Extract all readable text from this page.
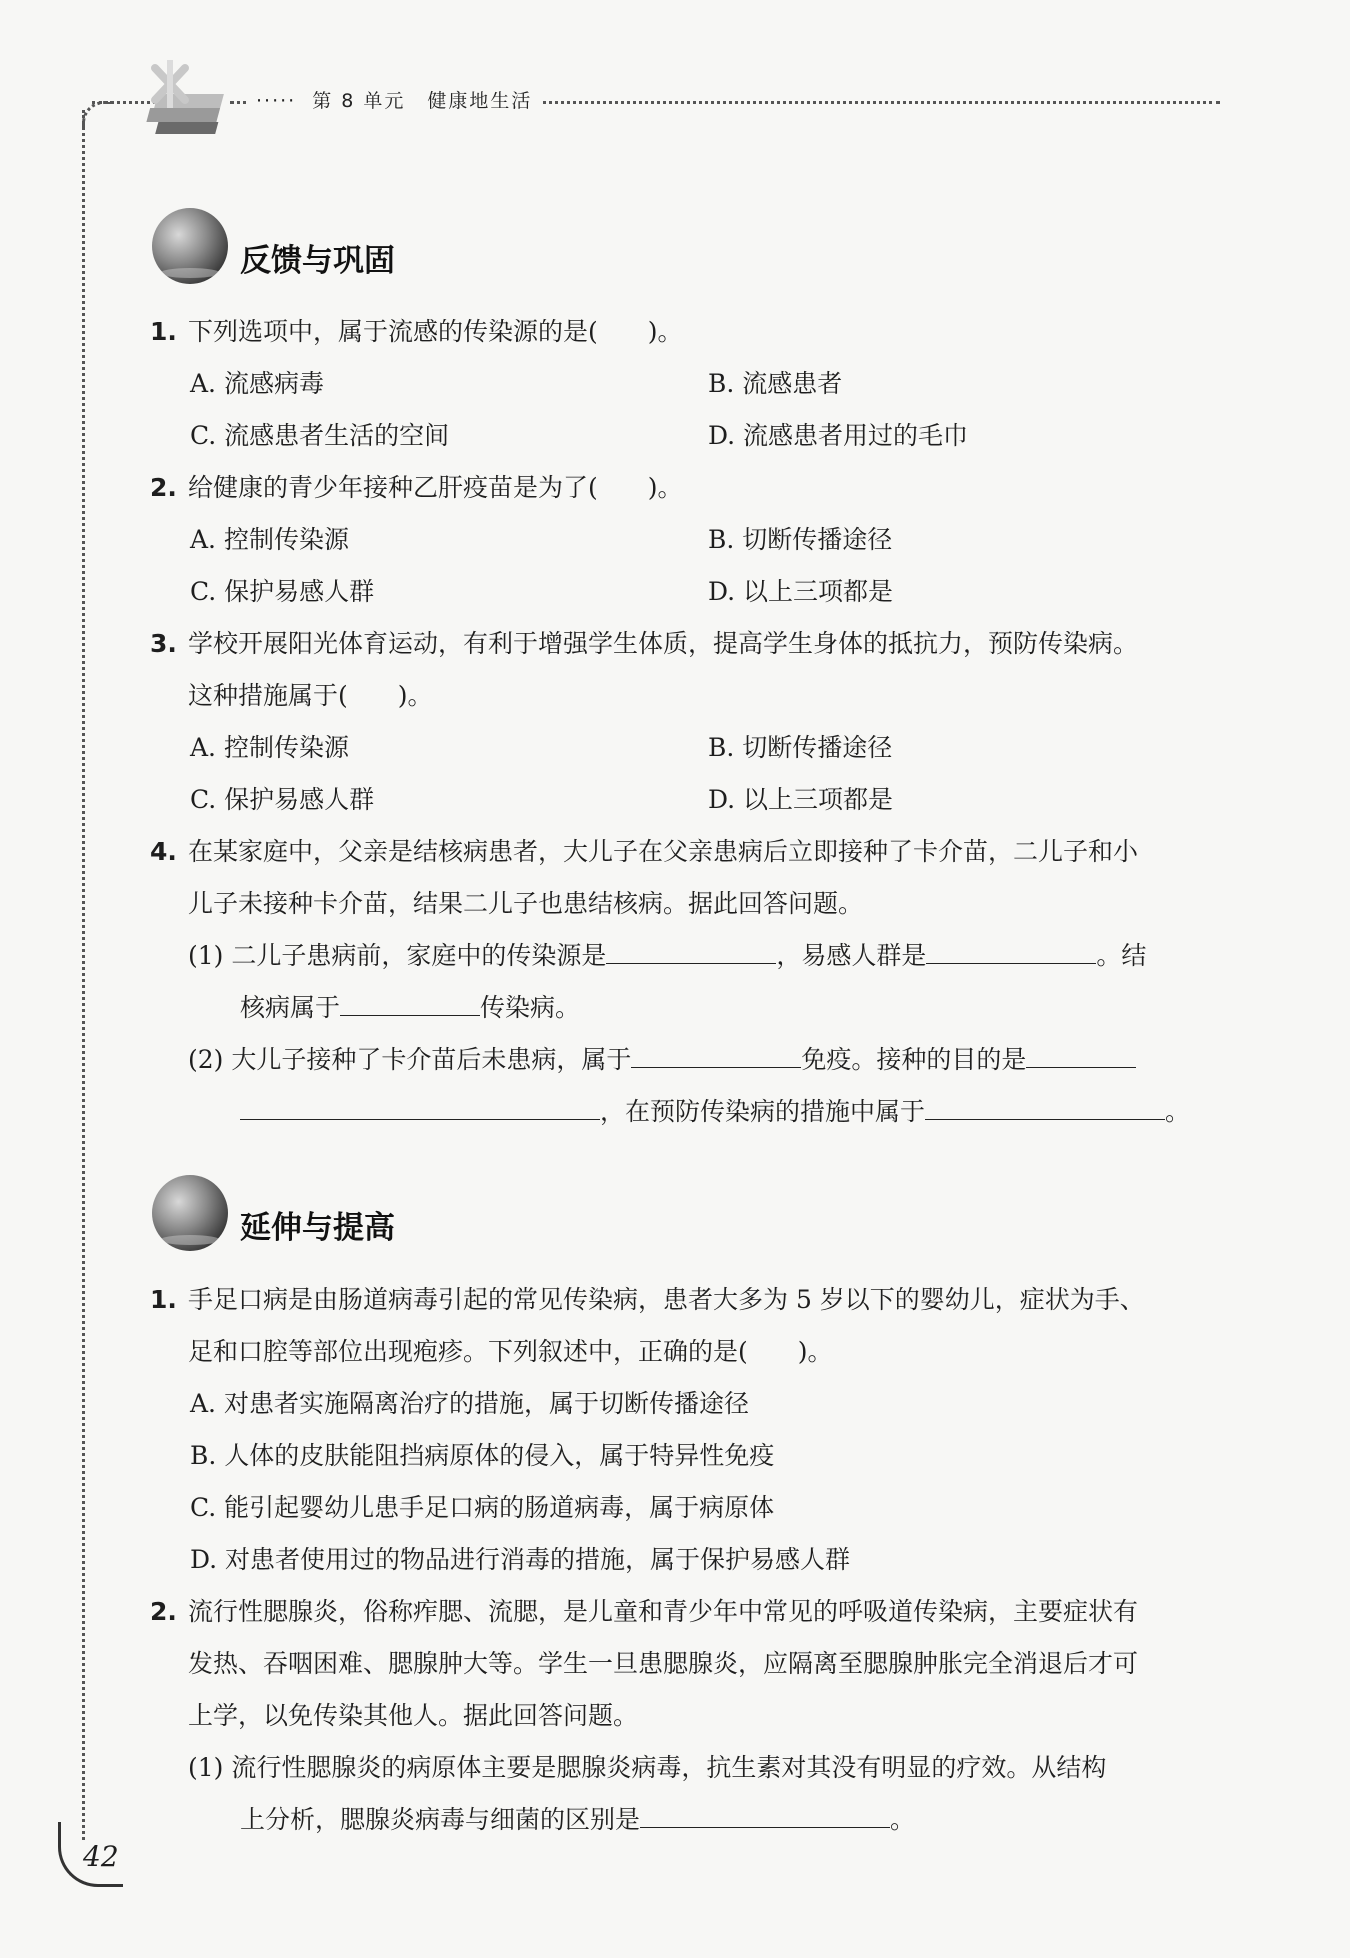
····· 第 8 单元 健康地生活
反馈与巩固
1. 下列选项中，属于流感的传染源的是(　　)。
A. 流感病毒	B. 流感患者
C. 流感患者生活的空间	D. 流感患者用过的毛巾
2. 给健康的青少年接种乙肝疫苗是为了(　　)。
A. 控制传染源	B. 切断传播途径
C. 保护易感人群	D. 以上三项都是
3. 学校开展阳光体育运动，有利于增强学生体质，提高学生身体的抵抗力，预防传染病。
这种措施属于(　　)。
A. 控制传染源	B. 切断传播途径
C. 保护易感人群	D. 以上三项都是
4. 在某家庭中，父亲是结核病患者，大儿子在父亲患病后立即接种了卡介苗，二儿子和小
儿子未接种卡介苗，结果二儿子也患结核病。据此回答问题。
(1) 二儿子患病前，家庭中的传染源是	，易感人群是	。结
核病属于	传染病。
(2) 大儿子接种了卡介苗后未患病，属于	免疫。接种的目的是
，在预防传染病的措施中属于	。
延伸与提高
1. 手足口病是由肠道病毒引起的常见传染病，患者大多为 5 岁以下的婴幼儿，症状为手、
足和口腔等部位出现疱疹。下列叙述中，正确的是(　　)。
A. 对患者实施隔离治疗的措施，属于切断传播途径
B. 人体的皮肤能阻挡病原体的侵入，属于特异性免疫
C. 能引起婴幼儿患手足口病的肠道病毒，属于病原体
D. 对患者使用过的物品进行消毒的措施，属于保护易感人群
2. 流行性腮腺炎，俗称痄腮、流腮，是儿童和青少年中常见的呼吸道传染病，主要症状有
发热、吞咽困难、腮腺肿大等。学生一旦患腮腺炎，应隔离至腮腺肿胀完全消退后才可
上学，以免传染其他人。据此回答问题。
(1) 流行性腮腺炎的病原体主要是腮腺炎病毒，抗生素对其没有明显的疗效。从结构
上分析，腮腺炎病毒与细菌的区别是	。
42
